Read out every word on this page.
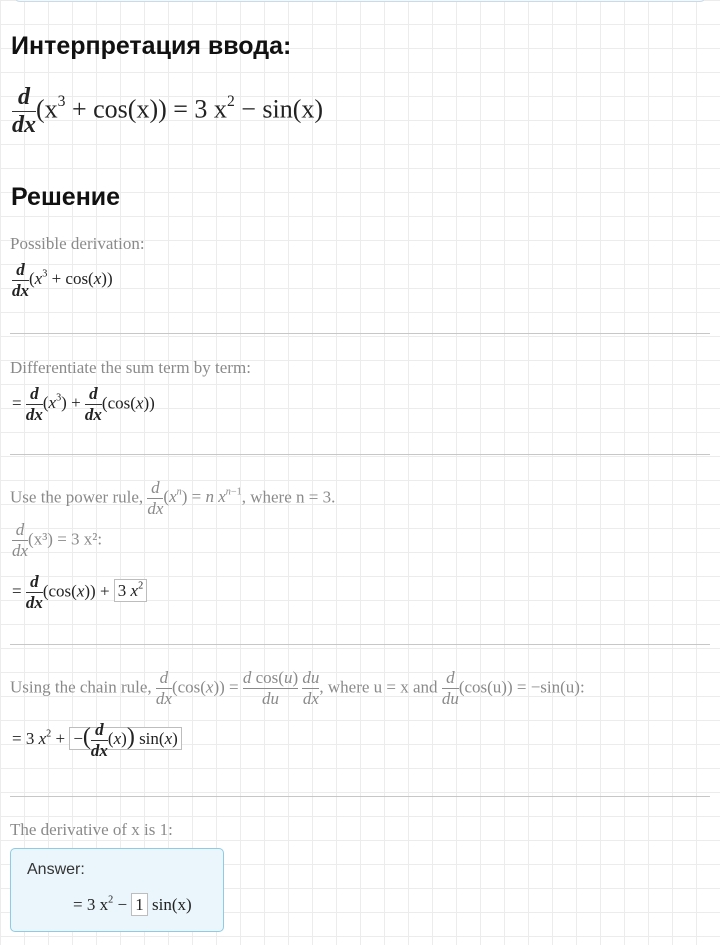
Интерпретация ввода:
$\frac{d}{dx} (x^3 + \cos(x)) = 3$ $x^2 - \sin(x)$
Решение
Possible derivation:
$\frac{d}{dx} (x^3 + \cos(x))$
Differentiate the sum term by term:
= $\frac{d}{dx} (x^3) + \frac{d}{dx} (\cos(x))$
Use the power rule, $\frac{d}{dx} (x^n) = n$ $x^{n-1}$, where n = 3.
$\frac{d}{dx} (x^3) = 3$ x²:
= $\frac{d}{dx} (\cos(x)) + 3$ $x^2$
Using the chain rule, $\frac{d}{dx} (\cos(x)) = \frac{\text{d cos(u)}}{du}$
$\frac{du}{dx}$ , where u = x and $\frac{d}{du} (\cos(u)) = -\sin(u)$:
= 3 $x^2$ + −( $\frac{d}{dx} (x)$) sin(x)
The derivative of x is 1:
Answer:
= 3 $x^2 - 1$ sin(x)
